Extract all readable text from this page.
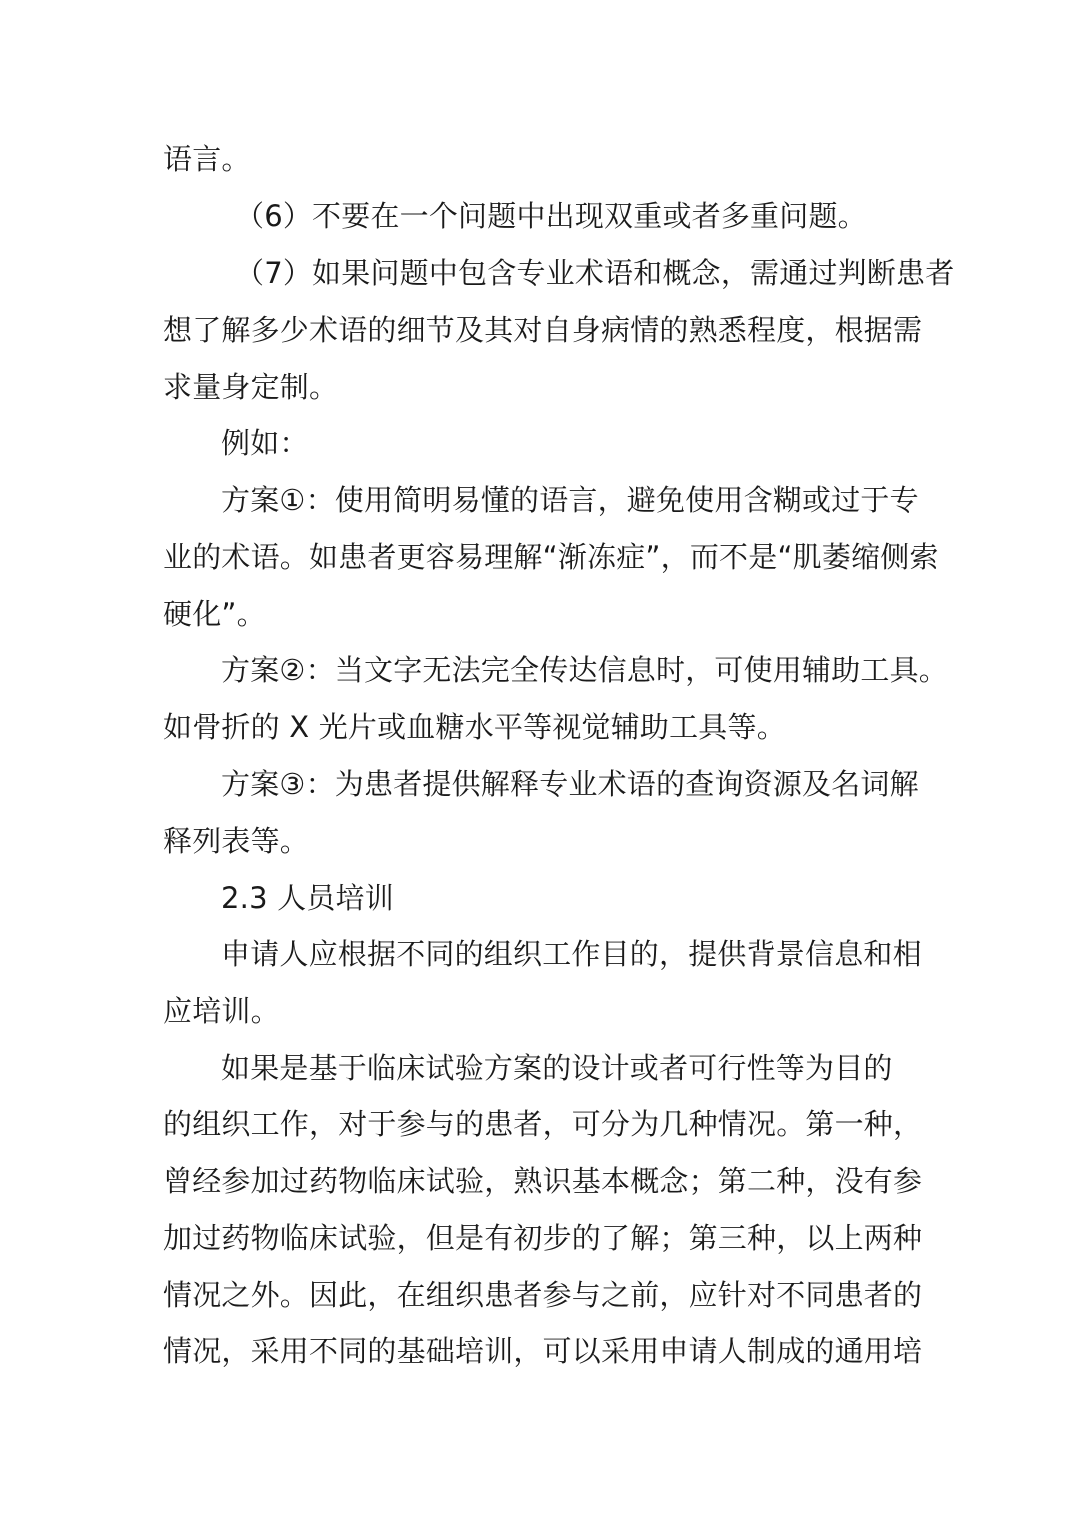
语言。
（6）不要在一个问题中出现双重或者多重问题。
（7）如果问题中包含专业术语和概念，需通过判断患者
想了解多少术语的细节及其对自身病情的熟悉程度，根据需
求量身定制。
例如：
方案①：使用简明易懂的语言，避免使用含糊或过于专
业的术语。如患者更容易理解“渐冻症”，而不是“肌萎缩侧索
硬化”。
方案②：当文字无法完全传达信息时，可使用辅助工具。
如骨折的 X 光片或血糖水平等视觉辅助工具等。
方案③：为患者提供解释专业术语的查询资源及名词解
释列表等。
2.3 人员培训
申请人应根据不同的组织工作目的，提供背景信息和相
应培训。
如果是基于临床试验方案的设计或者可行性等为目的
的组织工作，对于参与的患者，可分为几种情况。第一种，
曾经参加过药物临床试验，熟识基本概念；第二种，没有参
加过药物临床试验，但是有初步的了解；第三种，以上两种
情况之外。因此，在组织患者参与之前，应针对不同患者的
情况，采用不同的基础培训，可以采用申请人制成的通用培
